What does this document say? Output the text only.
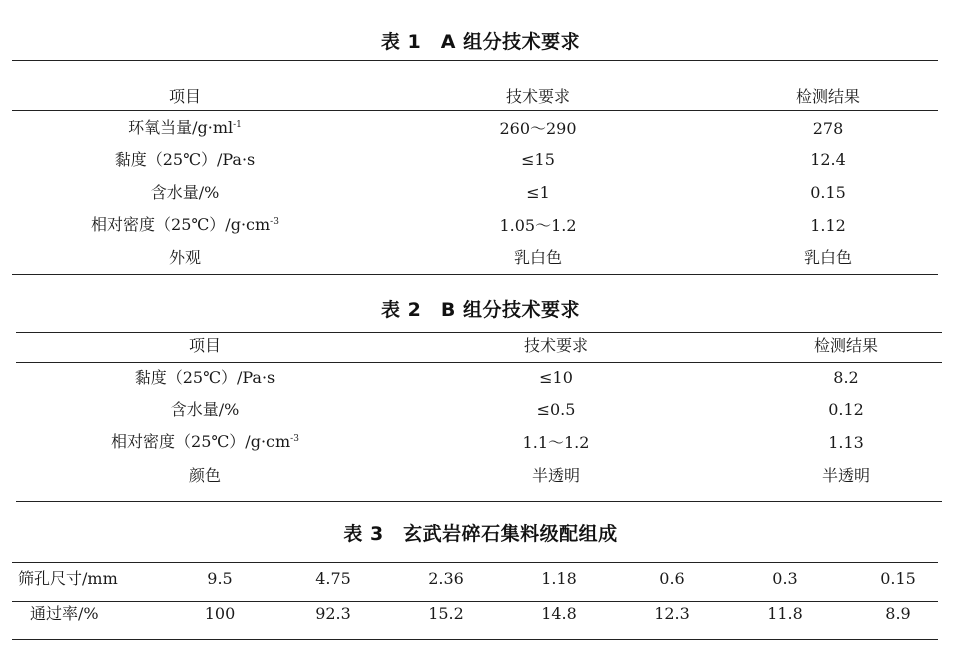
表 1　A 组分技术要求
项目	技术要求	检测结果
环氧当量$/g\cdot ml^{-1}$	260～290	278
黏度（25℃）/Pa·s	≤15	12.4
含水量/%	≤1	0.15
相对密度$(25℃)/g\cdot cm^{-3}$	1.05～1.2	1.12
外观	乳白色	乳白色
表 2　B 组分技术要求
项目	技术要求	检测结果
黏度（25℃）/Pa·s	≤10	8.2
含水量/%	≤0.5	0.12
相对密度$(25℃)/g\cdot cm^{-3}$	1.1～1.2	1.13
颜色	半透明	半透明
表 3　玄武岩碎石集料级配组成
筛孔尺寸/mm	9.5	4.75	2.36	1.18	0.6	0.3	0.15
通过率/%	100	92.3	15.2	14.8	12.3	11.8	8.9
